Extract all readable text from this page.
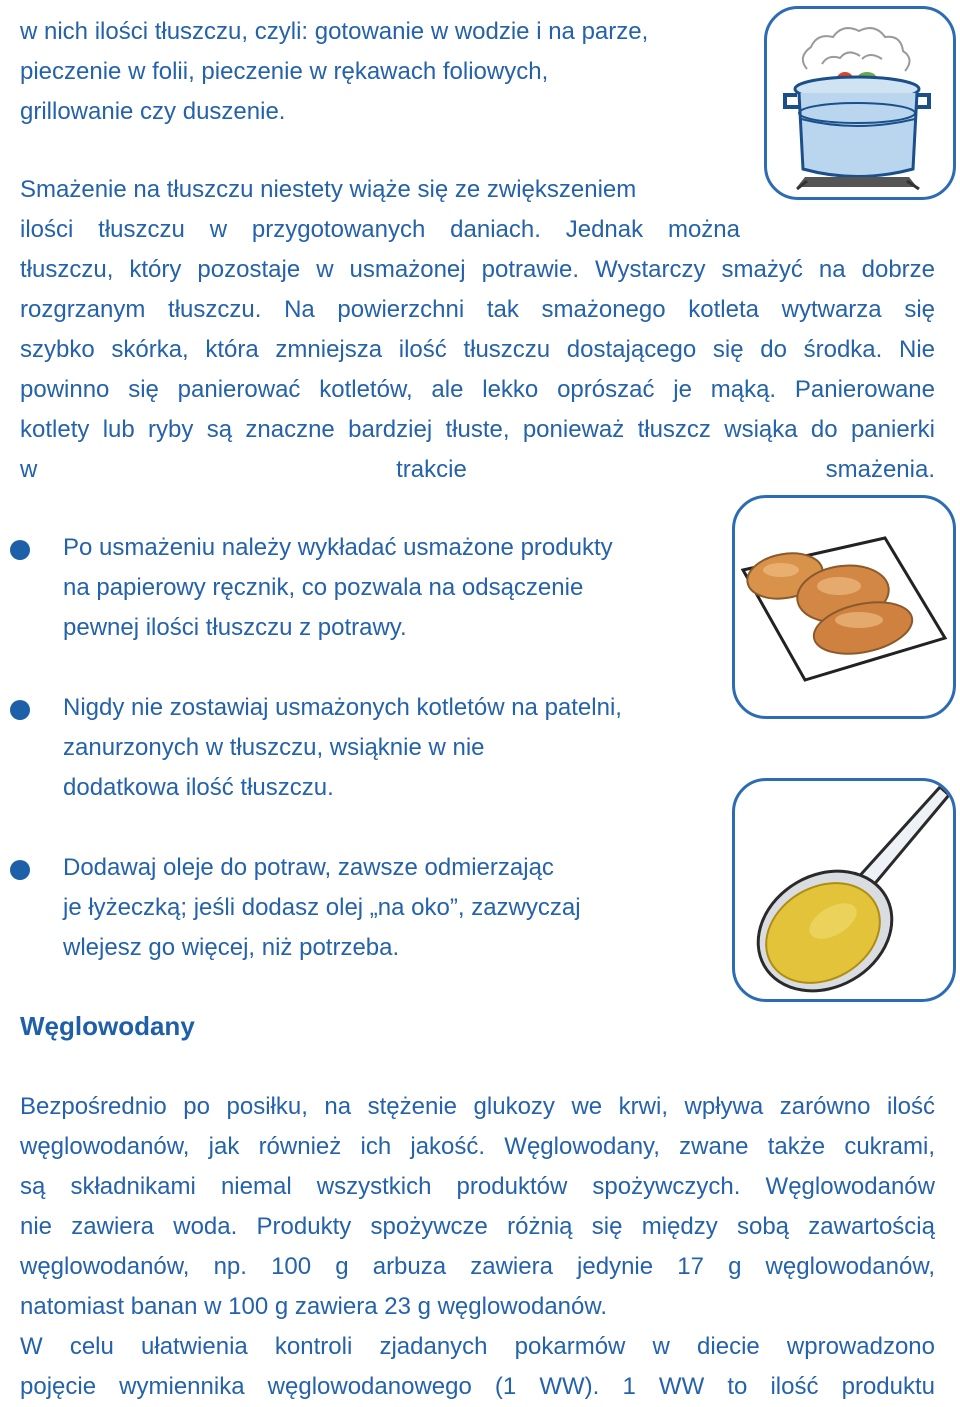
w nich ilości tłuszczu, czyli: gotowanie w wodzie i na parze,
pieczenie w folii, pieczenie w rękawach foliowych,
grillowanie czy duszenie.
Smażenie na tłuszczu niestety wiąże się ze zwiększeniem
ilości tłuszczu w przygotowanych daniach. Jednak można
tłuszczu, który pozostaje w usmażonej potrawie. Wystarczy smażyć na dobrze
rozgrzanym tłuszczu. Na powierzchni tak smażonego kotleta wytwarza się
szybko skórka, która zmniejsza ilość tłuszczu dostającego się do środka. Nie
powinno się panierować kotletów, ale lekko oprószać je mąką. Panierowane
kotlety lub ryby są znaczne bardziej tłuste, ponieważ tłuszcz wsiąka do panierki
w trakcie smażenia.
Po usmażeniu należy wykładać usmażone produkty
na papierowy ręcznik, co pozwala na odsączenie
pewnej ilości tłuszczu z potrawy.
Nigdy nie zostawiaj usmażonych kotletów na patelni,
zanurzonych w tłuszczu, wsiąknie w nie
dodatkowa ilość tłuszczu.
Dodawaj oleje do potraw, zawsze odmierzając
je łyżeczką; jeśli dodasz olej „na oko”, zazwyczaj
wlejesz go więcej, niż potrzeba.
Węglowodany
Bezpośrednio po posiłku, na stężenie glukozy we krwi, wpływa zarówno ilość
węglowodanów, jak również ich jakość. Węglowodany, zwane także cukrami,
są składnikami niemal wszystkich produktów spożywczych. Węglowodanów
nie zawiera woda. Produkty spożywcze różnią się między sobą zawartością
węglowodanów, np. 100 g arbuza zawiera jedynie 17 g węglowodanów,
natomiast banan w 100 g zawiera 23 g węglowodanów.
W celu ułatwienia kontroli zjadanych pokarmów w diecie wprowadzono
pojęcie wymiennika węglowodanowego (1 WW). 1 WW to ilość produktu
